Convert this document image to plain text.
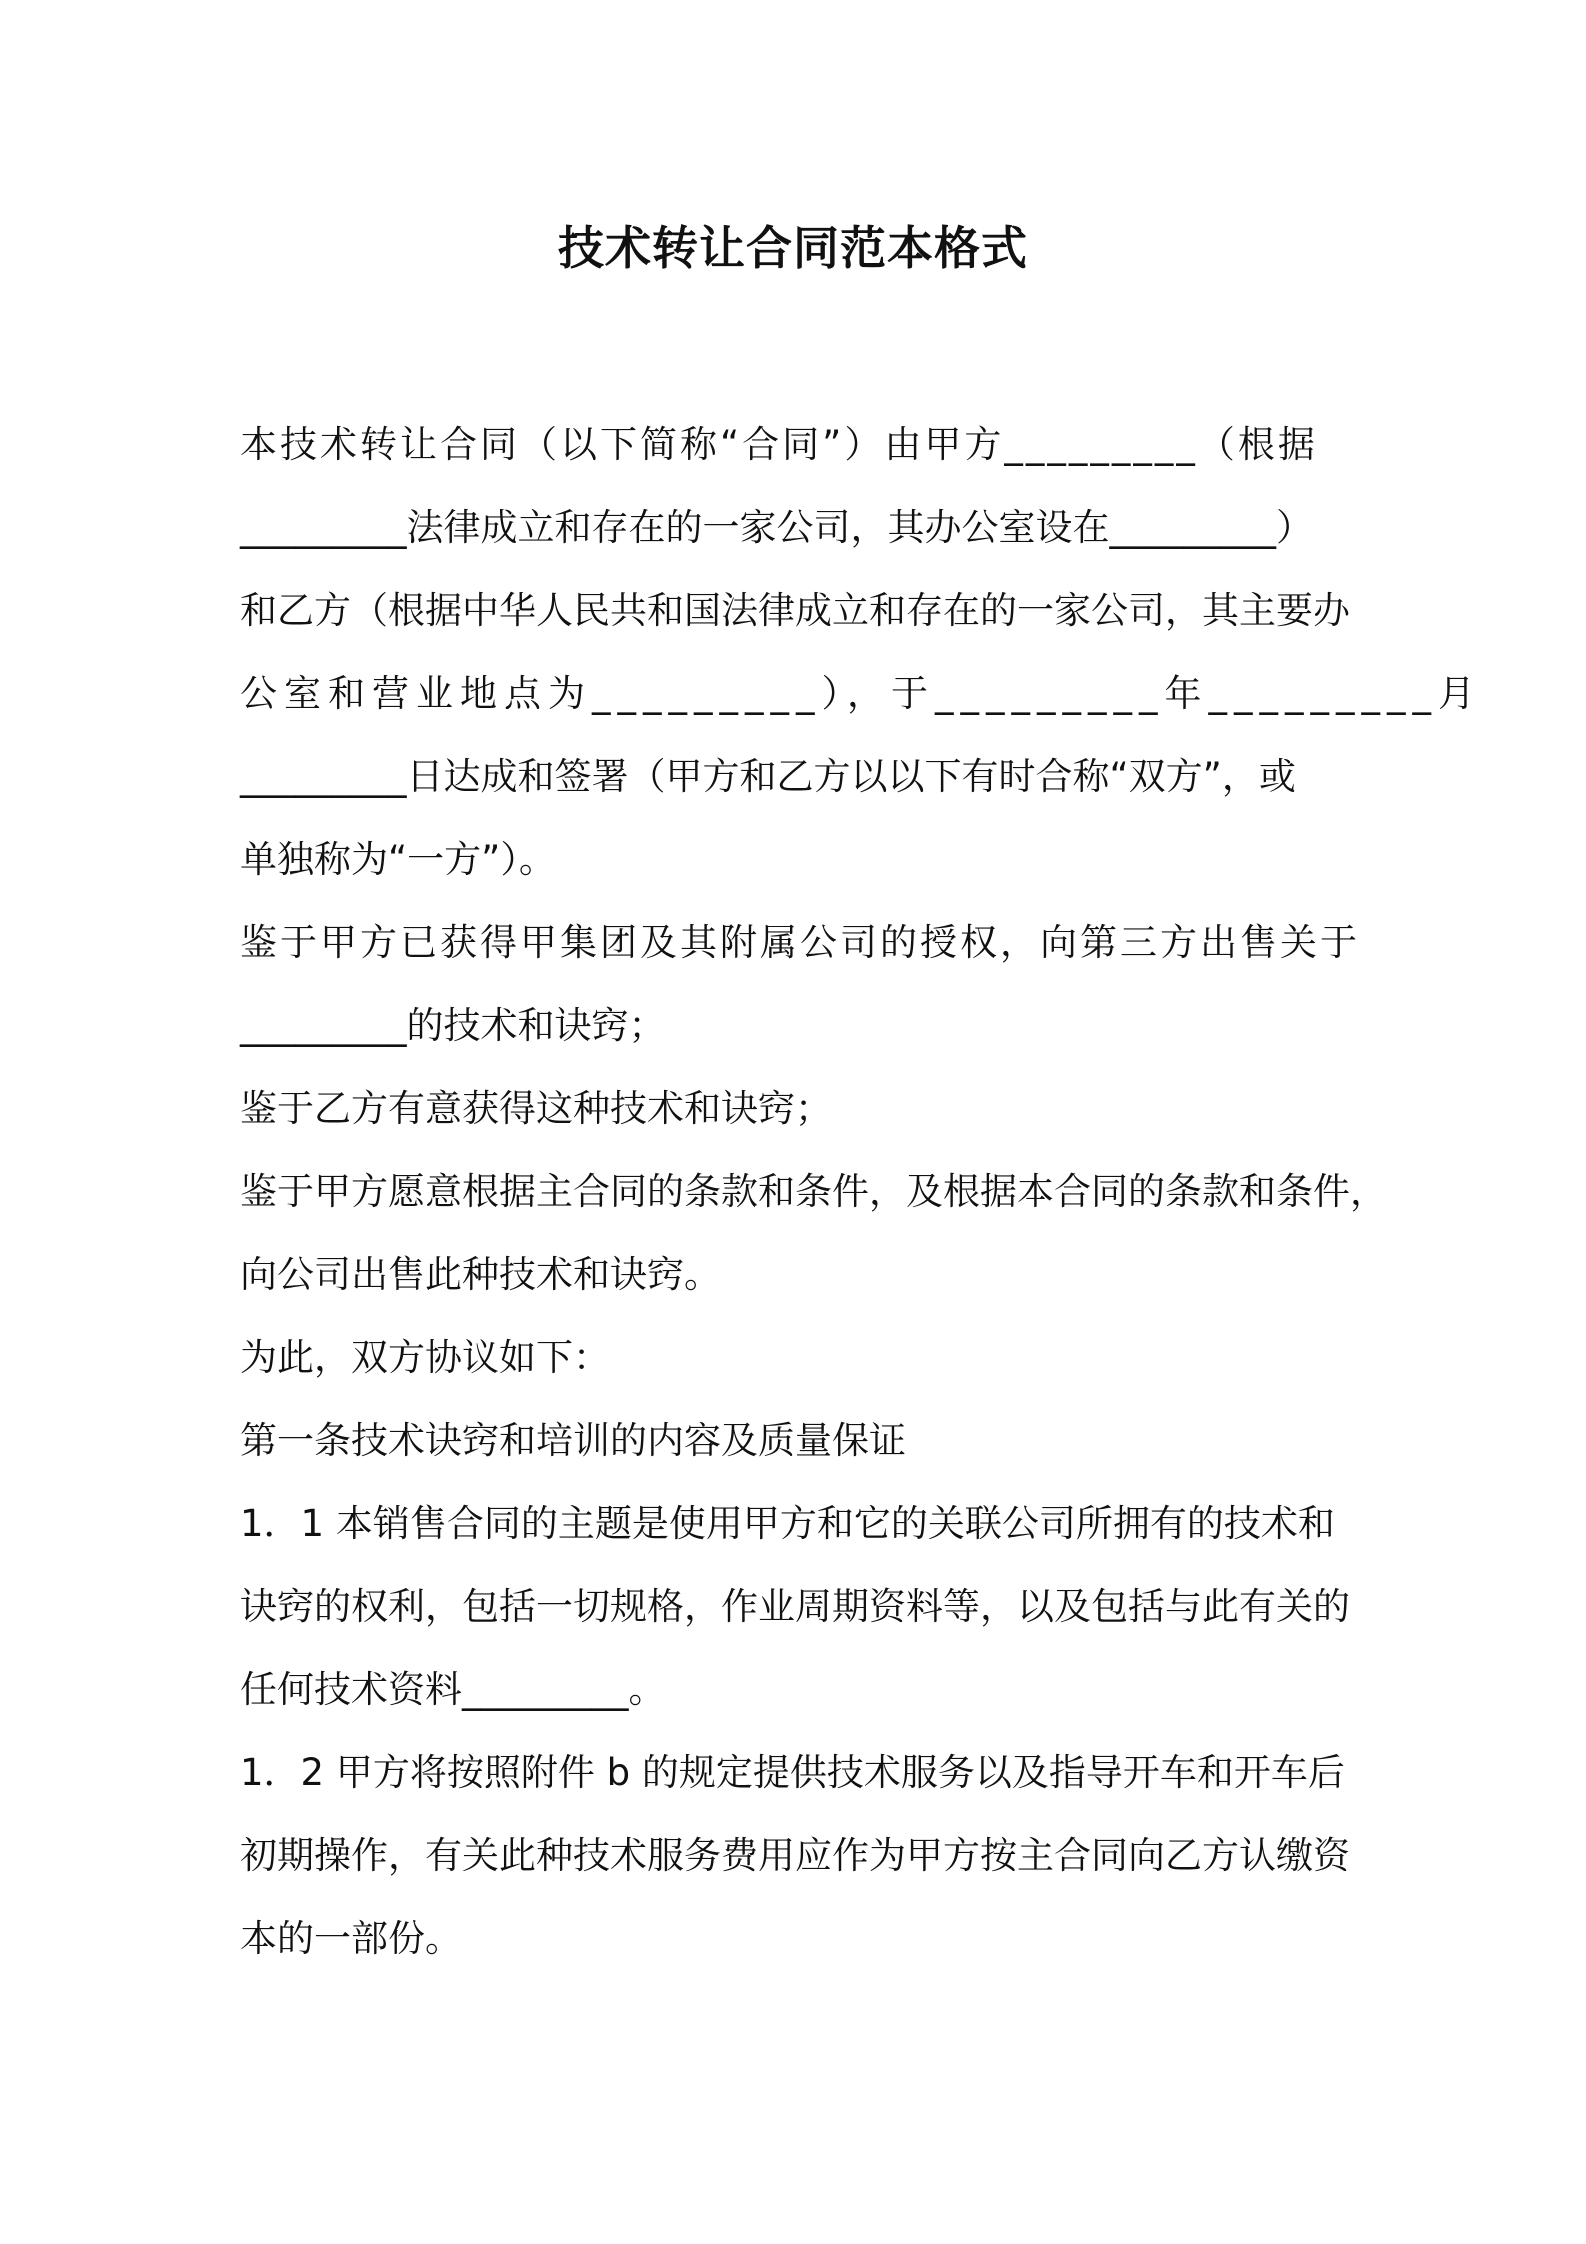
技术转让合同范本格式
本技术转让合同（以下简称“合同”）由甲方_________（根据
_________法律成立和存在的一家公司，其办公室设在_________）
和乙方（根据中华人民共和国法律成立和存在的一家公司，其主要办
公室和营业地点为_________），于_________年_________月
_________日达成和签署（甲方和乙方以以下有时合称“双方”，或
单独称为“一方”）。
鉴于甲方已获得甲集团及其附属公司的授权，向第三方出售关于
_________的技术和诀窍；
鉴于乙方有意获得这种技术和诀窍；
鉴于甲方愿意根据主合同的条款和条件，及根据本合同的条款和条件，
向公司出售此种技术和诀窍。
为此，双方协议如下：
第一条技术诀窍和培训的内容及质量保证
1．1 本销售合同的主题是使用甲方和它的关联公司所拥有的技术和
诀窍的权利，包括一切规格，作业周期资料等，以及包括与此有关的
任何技术资料_________。
1．2 甲方将按照附件 b 的规定提供技术服务以及指导开车和开车后
初期操作，有关此种技术服务费用应作为甲方按主合同向乙方认缴资
本的一部份。
